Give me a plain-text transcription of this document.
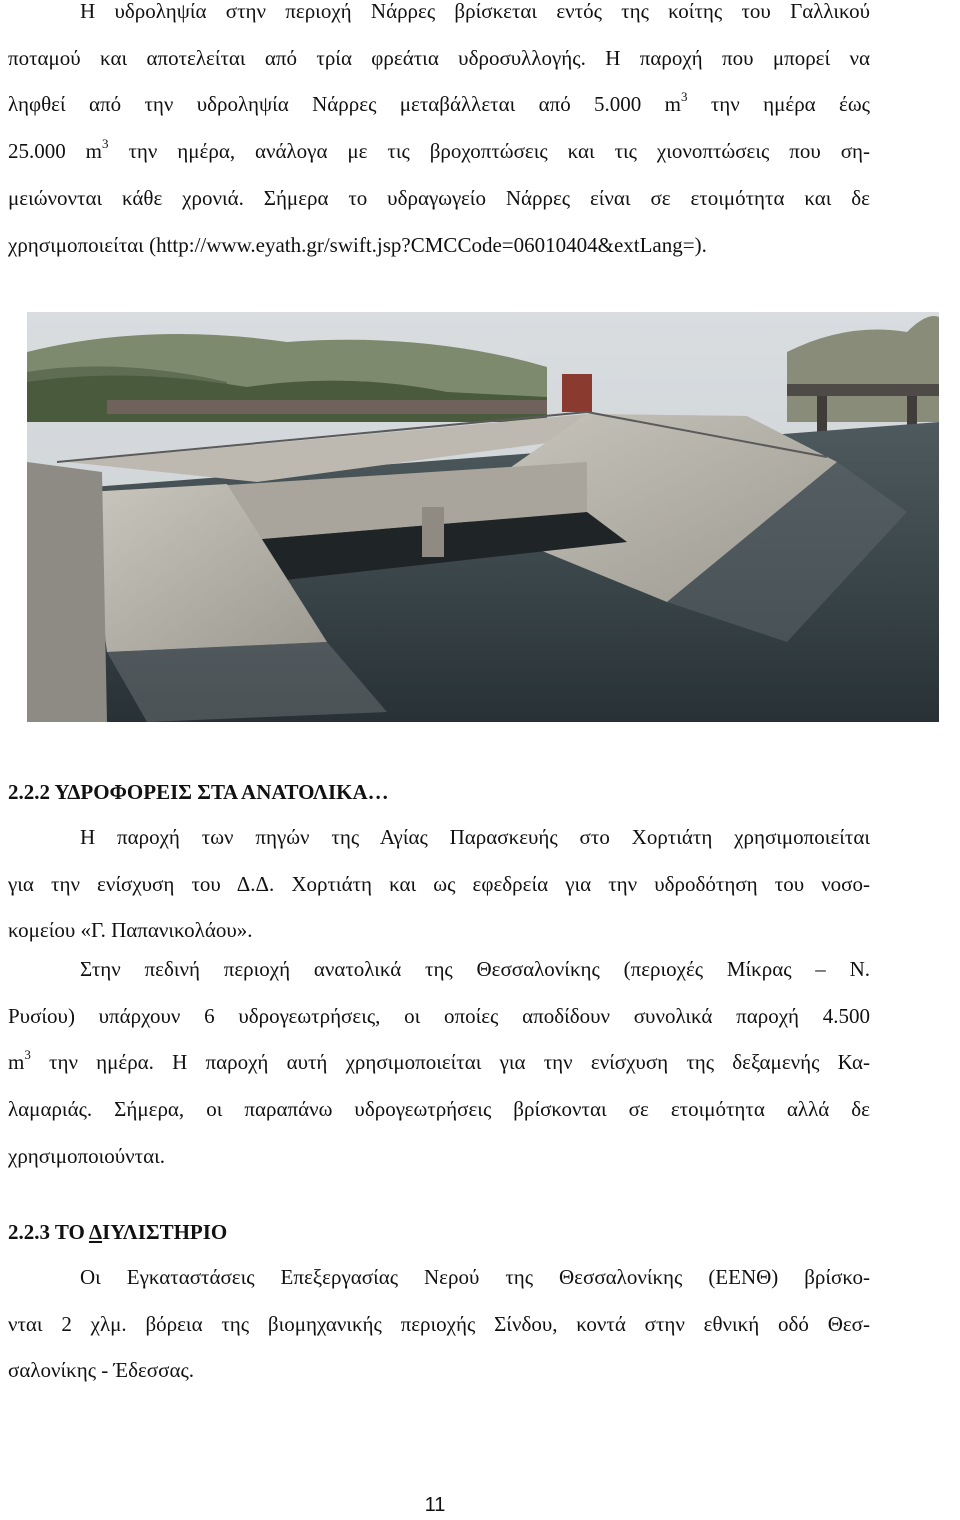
Η υδροληψία στην περιοχή Νάρρες βρίσκεται εντός της κοίτης του Γαλλικού
ποταμού και αποτελείται από τρία φρεάτια υδροσυλλογής. Η παροχή που μπορεί να
ληφθεί από την υδροληψία Νάρρες μεταβάλλεται από 5.000 $m^3$ την ημέρα έως
25.000 $m^3$ την ημέρα, ανάλογα με τις βροχοπτώσεις και τις χιονοπτώσεις που ση-
μειώνονται κάθε χρονιά. Σήμερα το υδραγωγείο Νάρρες είναι σε ετοιμότητα και δε
χρησιμοποιείται (http://www.eyath.gr/swift.jsp?CMCCode=06010404&extLang=).
2.2.2 ΥΔΡΟΦΟΡΕΙΣ ΣΤΑ ΑΝΑΤΟΛΙΚΑ…
Η παροχή των πηγών της Αγίας Παρασκευής στο Χορτιάτη χρησιμοποιείται
για την ενίσχυση του Δ.Δ. Χορτιάτη και ως εφεδρεία για την υδροδότηση του νοσο-
κομείου «Γ. Παπανικολάου».
Στην πεδινή περιοχή ανατολικά της Θεσσαλονίκης (περιοχές Μίκρας – Ν.
Ρυσίου) υπάρχουν 6 υδρογεωτρήσεις, οι οποίες αποδίδουν συνολικά παροχή 4.500
$m^3$ την ημέρα. Η παροχή αυτή χρησιμοποιείται για την ενίσχυση της δεξαμενής Κα-
λαμαριάς. Σήμερα, οι παραπάνω υδρογεωτρήσεις βρίσκονται σε ετοιμότητα αλλά δε
χρησιμοποιούνται.
2.2.3 ΤΟ ΔΙΥΛΙΣΤΗΡΙΟ
Οι Εγκαταστάσεις Επεξεργασίας Νερού της Θεσσαλονίκης (ΕΕΝΘ) βρίσκο-
νται 2 χλμ. βόρεια της βιομηχανικής περιοχής Σίνδου, κοντά στην εθνική οδό Θεσ-
σαλονίκης - Έδεσσας.
11
